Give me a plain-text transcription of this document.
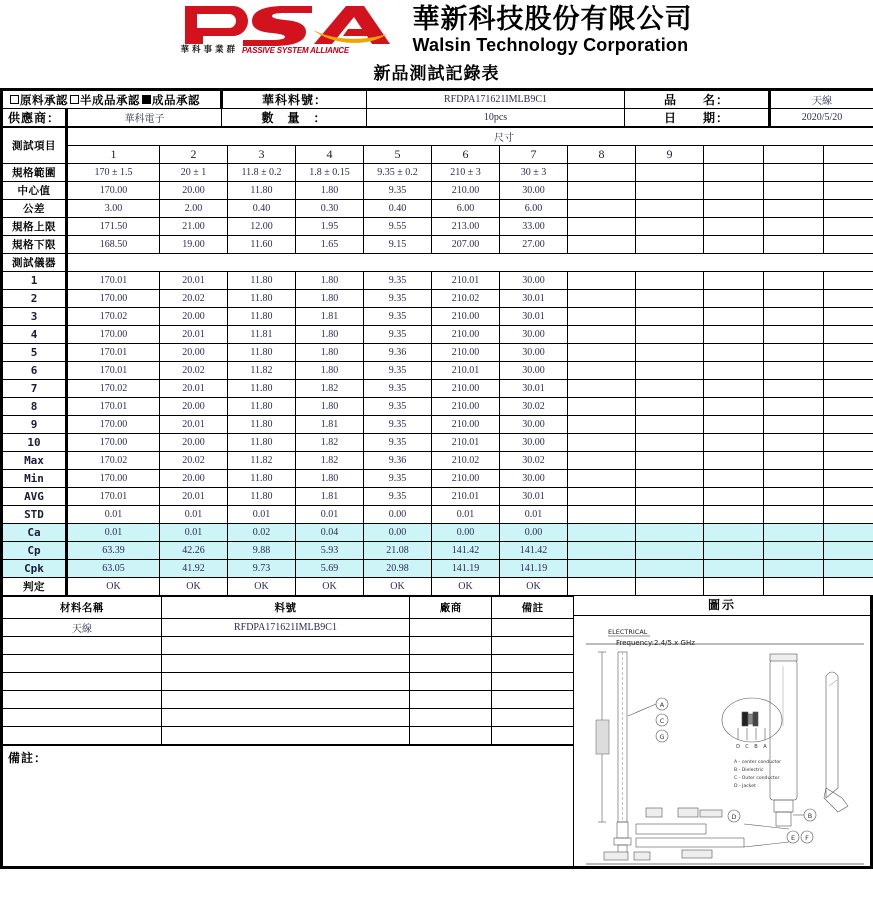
華科事業群 PASSIVE SYSTEM ALLIANCE
華新科技股份有限公司
Walsin Technology Corporation
新品測試記錄表
原料承認 半成品承認 成品承認		華科料號：	RFDPA171621IMLB9C1	品　　名：	天線
供應商：	華科電子	數　量　：	10pcs	日　　期：	2020/5/20
測試項目	尺寸												
	1	2	3	4	5	6	7	8	9				
規格範圍	170 ± 1.5	20 ± 1	11.8 ± 0.2	1.8 ± 0.15	9.35 ± 0.2	210 ± 3	30 ± 3						
中心值	170.00	20.00	11.80	1.80	9.35	210.00	30.00						
公差	3.00	2.00	0.40	0.30	0.40	6.00	6.00						
規格上限	171.50	21.00	12.00	1.95	9.55	213.00	33.00						
規格下限	168.50	19.00	11.60	1.65	9.15	207.00	27.00						
測試儀器													
1	170.01	20.01	11.80	1.80	9.35	210.01	30.00						
2	170.00	20.02	11.80	1.80	9.35	210.02	30.01						
3	170.02	20.00	11.80	1.81	9.35	210.00	30.01						
4	170.00	20.01	11.81	1.80	9.35	210.00	30.00						
5	170.01	20.00	11.80	1.80	9.36	210.00	30.00						
6	170.01	20.02	11.82	1.80	9.35	210.01	30.00						
7	170.02	20.01	11.80	1.82	9.35	210.00	30.01						
8	170.01	20.00	11.80	1.80	9.35	210.00	30.02						
9	170.00	20.01	11.80	1.81	9.35	210.00	30.00						
10	170.00	20.00	11.80	1.82	9.35	210.01	30.00						
Max	170.02	20.02	11.82	1.82	9.36	210.02	30.02						
Min	170.00	20.00	11.80	1.80	9.35	210.00	30.00						
AVG	170.01	20.01	11.80	1.81	9.35	210.01	30.01						
STD	0.01	0.01	0.01	0.01	0.00	0.01	0.01						
Ca	0.01	0.01	0.02	0.04	0.00	0.00	0.00						
Cp	63.39	42.26	9.88	5.93	21.08	141.42	141.42						
Cpk	63.05	41.92	9.73	5.69	20.98	141.19	141.19						
判定	OK	OK	OK	OK	OK	OK	OK						
材料名稱	料號	廠商	備註
天線	RFDPA171621IMLB9C1		

備註：
圖示
A
C
G
E F
D
D C B A
B
ELECTRICAL
Frequency:2.4/5.x GHz
A - center conductor
B - Dielectric
C - Outer conductor
D - Jacket
